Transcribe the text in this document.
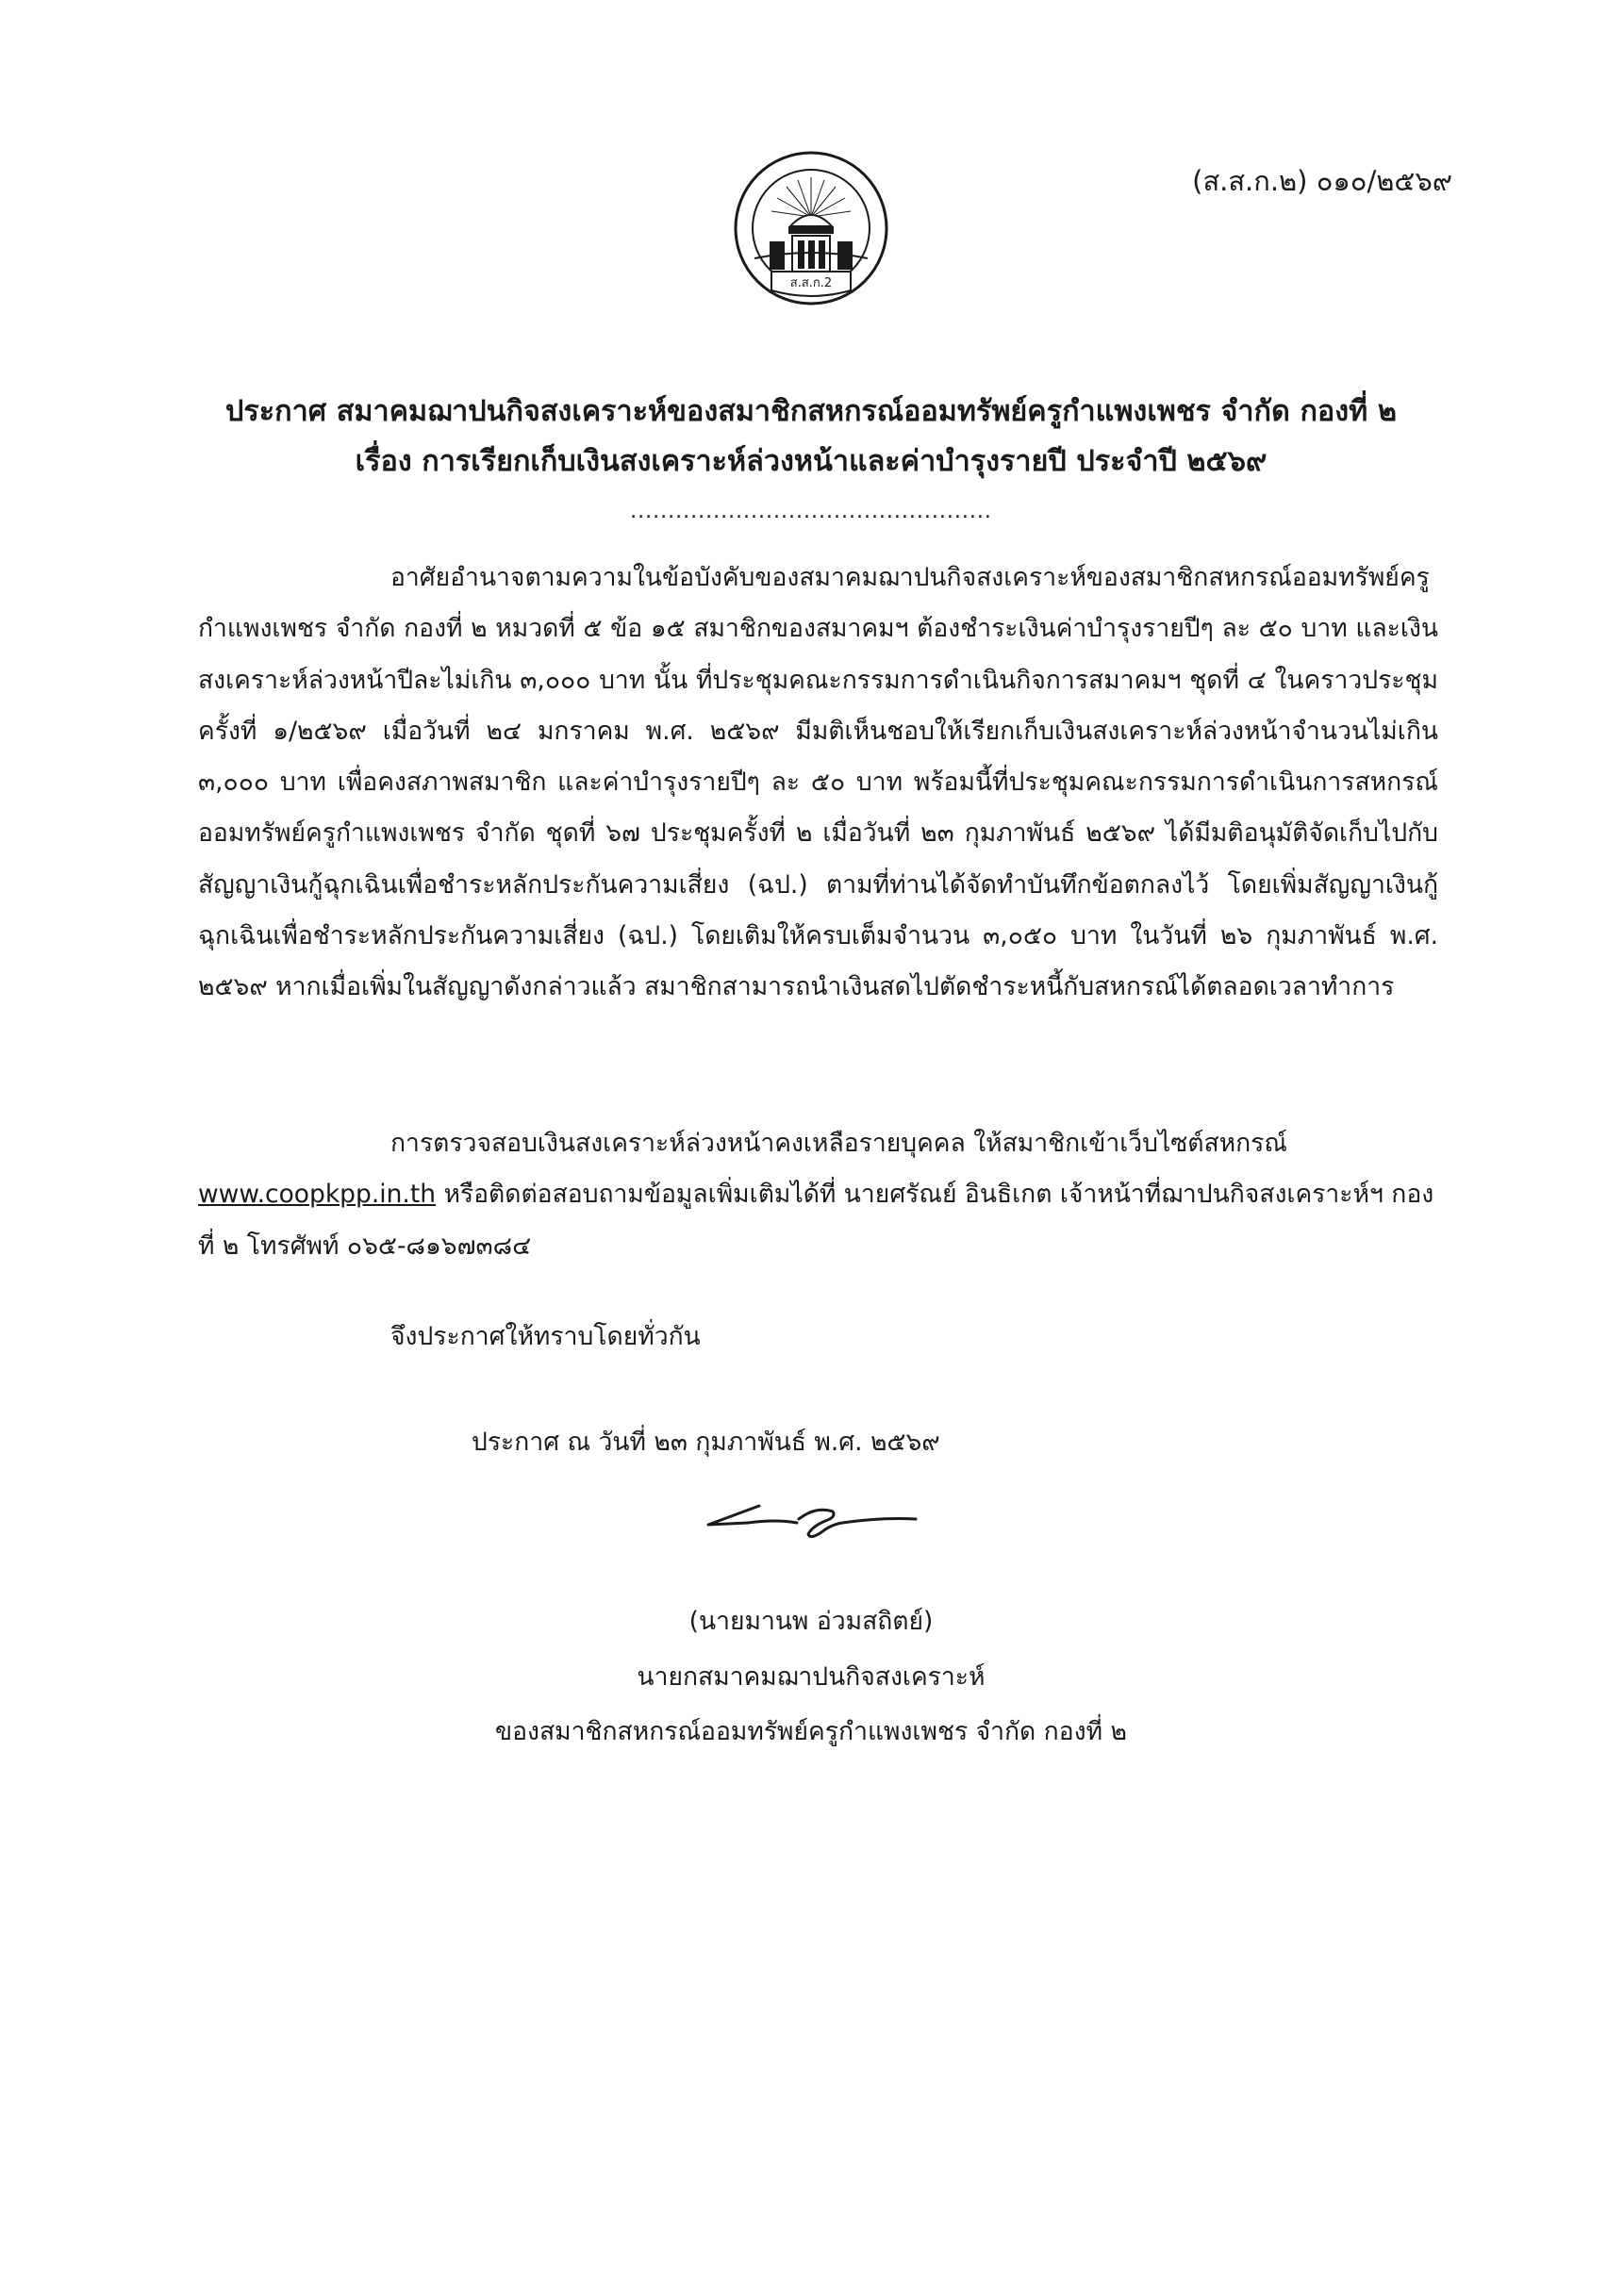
(ส.ส.ก.๒) ๐๑๐/๒๕๖๙
ส.ส.ก.2
ประกาศ สมาคมฌาปนกิจสงเคราะห์ของสมาชิกสหกรณ์ออมทรัพย์ครูกำแพงเพชร จำกัด กองที่ ๒
เรื่อง การเรียกเก็บเงินสงเคราะห์ล่วงหน้าและค่าบำรุงรายปี ประจำปี ๒๕๖๙
................................................

อาศัยอำนาจตามความในข้อบังคับของสมาคมฌาปนกิจสงเคราะห์ของสมาชิกสหกรณ์ออมทรัพย์ครูกำแพงเพชร จำกัด กองที่ ๒ หมวดที่ ๕ ข้อ ๑๕ สมาชิกของสมาคมฯ ต้องชำระเงินค่าบำรุงรายปีๆ ละ ๕๐ บาท และเงินสงเคราะห์ล่วงหน้าปีละไม่เกิน ๓,๐๐๐ บาท นั้น ที่ประชุมคณะกรรมการดำเนินกิจการสมาคมฯ ชุดที่ ๔ ในคราวประชุมครั้งที่ ๑/๒๕๖๙ เมื่อวันที่ ๒๔ มกราคม พ.ศ. ๒๕๖๙ มีมติเห็นชอบให้เรียกเก็บเงินสงเคราะห์ล่วงหน้าจำนวนไม่เกิน ๓,๐๐๐ บาท เพื่อคงสภาพสมาชิก และค่าบำรุงรายปีๆ ละ ๕๐ บาท พร้อมนี้ที่ประชุมคณะกรรมการดำเนินการสหกรณ์ออมทรัพย์ครูกำแพงเพชร จำกัด ชุดที่ ๖๗ ประชุมครั้งที่ ๒ เมื่อวันที่ ๒๓ กุมภาพันธ์ ๒๕๖๙ ได้มีมติอนุมัติจัดเก็บไปกับสัญญาเงินกู้ฉุกเฉินเพื่อชำระหลักประกันความเสี่ยง (ฉป.) ตามที่ท่านได้จัดทำบันทึกข้อตกลงไว้ โดยเพิ่มสัญญาเงินกู้ฉุกเฉินเพื่อชำระหลักประกันความเสี่ยง (ฉป.) โดยเติมให้ครบเต็มจำนวน ๓,๐๕๐ บาท ในวันที่ ๒๖ กุมภาพันธ์ พ.ศ. ๒๕๖๙ หากเมื่อเพิ่มในสัญญาดังกล่าวแล้ว สมาชิกสามารถนำเงินสดไปตัดชำระหนี้กับสหกรณ์ได้ตลอดเวลาทำการ

การตรวจสอบเงินสงเคราะห์ล่วงหน้าคงเหลือรายบุคคล ให้สมาชิกเข้าเว็บไซต์สหกรณ์ www.coopkpp.in.th หรือติดต่อสอบถามข้อมูลเพิ่มเติมได้ที่ นายศรัณย์ อินธิเกต เจ้าหน้าที่ฌาปนกิจสงเคราะห์ฯ กองที่ ๒ โทรศัพท์ ๐๖๕-๘๑๖๗๓๘๔

จึงประกาศให้ทราบโดยทั่วกัน
ประกาศ ณ วันที่ ๒๓ กุมภาพันธ์ พ.ศ. ๒๕๖๙
(นายมานพ อ่วมสถิตย์)
นายกสมาคมฌาปนกิจสงเคราะห์
ของสมาชิกสหกรณ์ออมทรัพย์ครูกำแพงเพชร จำกัด กองที่ ๒
